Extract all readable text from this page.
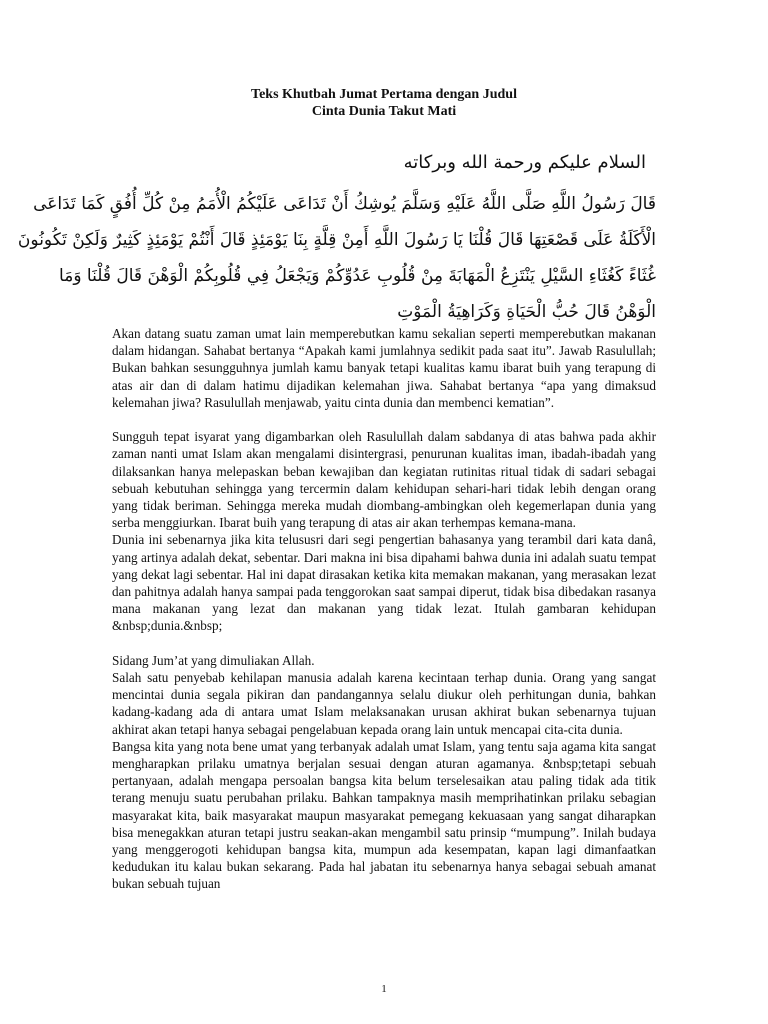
Teks Khutbah Jumat Pertama dengan Judul
Cinta Dunia Takut Mati
السلام عليكم ورحمة الله وبركاته
قَالَ رَسُولُ اللَّهِ صَلَّى اللَّهُ عَلَيْهِ وَسَلَّمَ يُوشِكُ أَنْ تَدَاعَى عَلَيْكُمُ الْأُمَمُ مِنْ كُلِّ أُفُقٍ كَمَا تَدَاعَى
الْأَكَلَةُ عَلَى قَصْعَتِهَا قَالَ قُلْنَا يَا رَسُولَ اللَّهِ أَمِنْ قِلَّةٍ بِنَا يَوْمَئِذٍ قَالَ أَنْتُمْ يَوْمَئِذٍ كَثِيرٌ وَلَكِنْ تَكُونُونَ
غُثَاءً كَغُثَاءِ السَّيْلِ يَنْتَزِعُ الْمَهَابَةَ مِنْ قُلُوبِ عَدُوِّكُمْ وَيَجْعَلُ فِي قُلُوبِكُمْ الْوَهْنَ قَالَ قُلْنَا وَمَا
الْوَهْنُ قَالَ حُبُّ الْحَيَاةِ وَكَرَاهِيَةُ الْمَوْتِ

Akan datang suatu zaman umat lain memperebutkan kamu sekalian seperti memperebutkan makanan dalam hidangan. Sahabat bertanya “Apakah kami jumlahnya sedikit pada saat itu”. Jawab Rasulullah; Bukan bahkan sesungguhnya jumlah kamu banyak tetapi kualitas kamu ibarat buih yang terapung di atas air dan di dalam hatimu dijadikan kelemahan jiwa. Sahabat bertanya “apa yang dimaksud kelemahan jiwa? Rasulullah menjawab, yaitu cinta dunia dan membenci kematian”.

Sungguh tepat isyarat yang digambarkan oleh Rasulullah dalam sabdanya di atas bahwa pada akhir zaman nanti umat Islam akan mengalami disintergrasi, penurunan kualitas iman, ibadah-ibadah yang dilaksankan hanya melepaskan beban kewajiban dan kegiatan rutinitas ritual tidak di sadari sebagai sebuah kebutuhan sehingga yang tercermin dalam kehidupan sehari-hari tidak lebih dengan orang yang tidak beriman. Sehingga mereka mudah diombang-ambingkan oleh kegemerlapan dunia yang serba menggiurkan. Ibarat buih yang terapung di atas air akan terhempas kemana-mana.

Dunia ini sebenarnya jika kita telususri dari segi pengertian bahasanya yang terambil dari kata danâ, yang artinya adalah dekat, sebentar. Dari makna ini bisa dipahami bahwa dunia ini adalah suatu tempat yang dekat lagi sebentar. Hal ini dapat dirasakan ketika kita memakan makanan, yang merasakan lezat dan pahitnya adalah hanya sampai pada tenggorokan saat sampai diperut, tidak bisa dibedakan rasanya mana makanan yang lezat dan makanan yang tidak lezat. Itulah gambaran kehidupan &nbsp;dunia.&nbsp;

Sidang Jum’at yang dimuliakan Allah.

Salah satu penyebab kehilapan manusia adalah karena kecintaan terhap dunia. Orang yang sangat mencintai dunia segala pikiran dan pandangannya selalu diukur oleh perhitungan dunia, bahkan kadang-kadang ada di antara umat Islam melaksanakan urusan akhirat bukan sebenarnya tujuan akhirat akan tetapi hanya sebagai pengelabuan kepada orang lain untuk mencapai cita-cita dunia.

Bangsa kita yang nota bene umat yang terbanyak adalah umat Islam, yang tentu saja agama kita sangat mengharapkan prilaku umatnya berjalan sesuai dengan aturan agamanya. &nbsp;tetapi sebuah pertanyaan, adalah mengapa persoalan bangsa kita belum terselesaikan atau paling tidak ada titik terang menuju suatu perubahan prilaku. Bahkan tampaknya masih memprihatinkan prilaku sebagian masyarakat kita, baik masyarakat maupun masyarakat pemegang kekuasaan yang sangat diharapkan bisa menegakkan aturan tetapi justru seakan-akan mengambil satu prinsip “mumpung”. Inilah budaya yang menggerogoti kehidupan bangsa kita, mumpun ada kesempatan, kapan lagi dimanfaatkan kedudukan itu kalau bukan sekarang. Pada hal jabatan itu sebenarnya hanya sebagai sebuah amanat bukan sebuah tujuan

1
